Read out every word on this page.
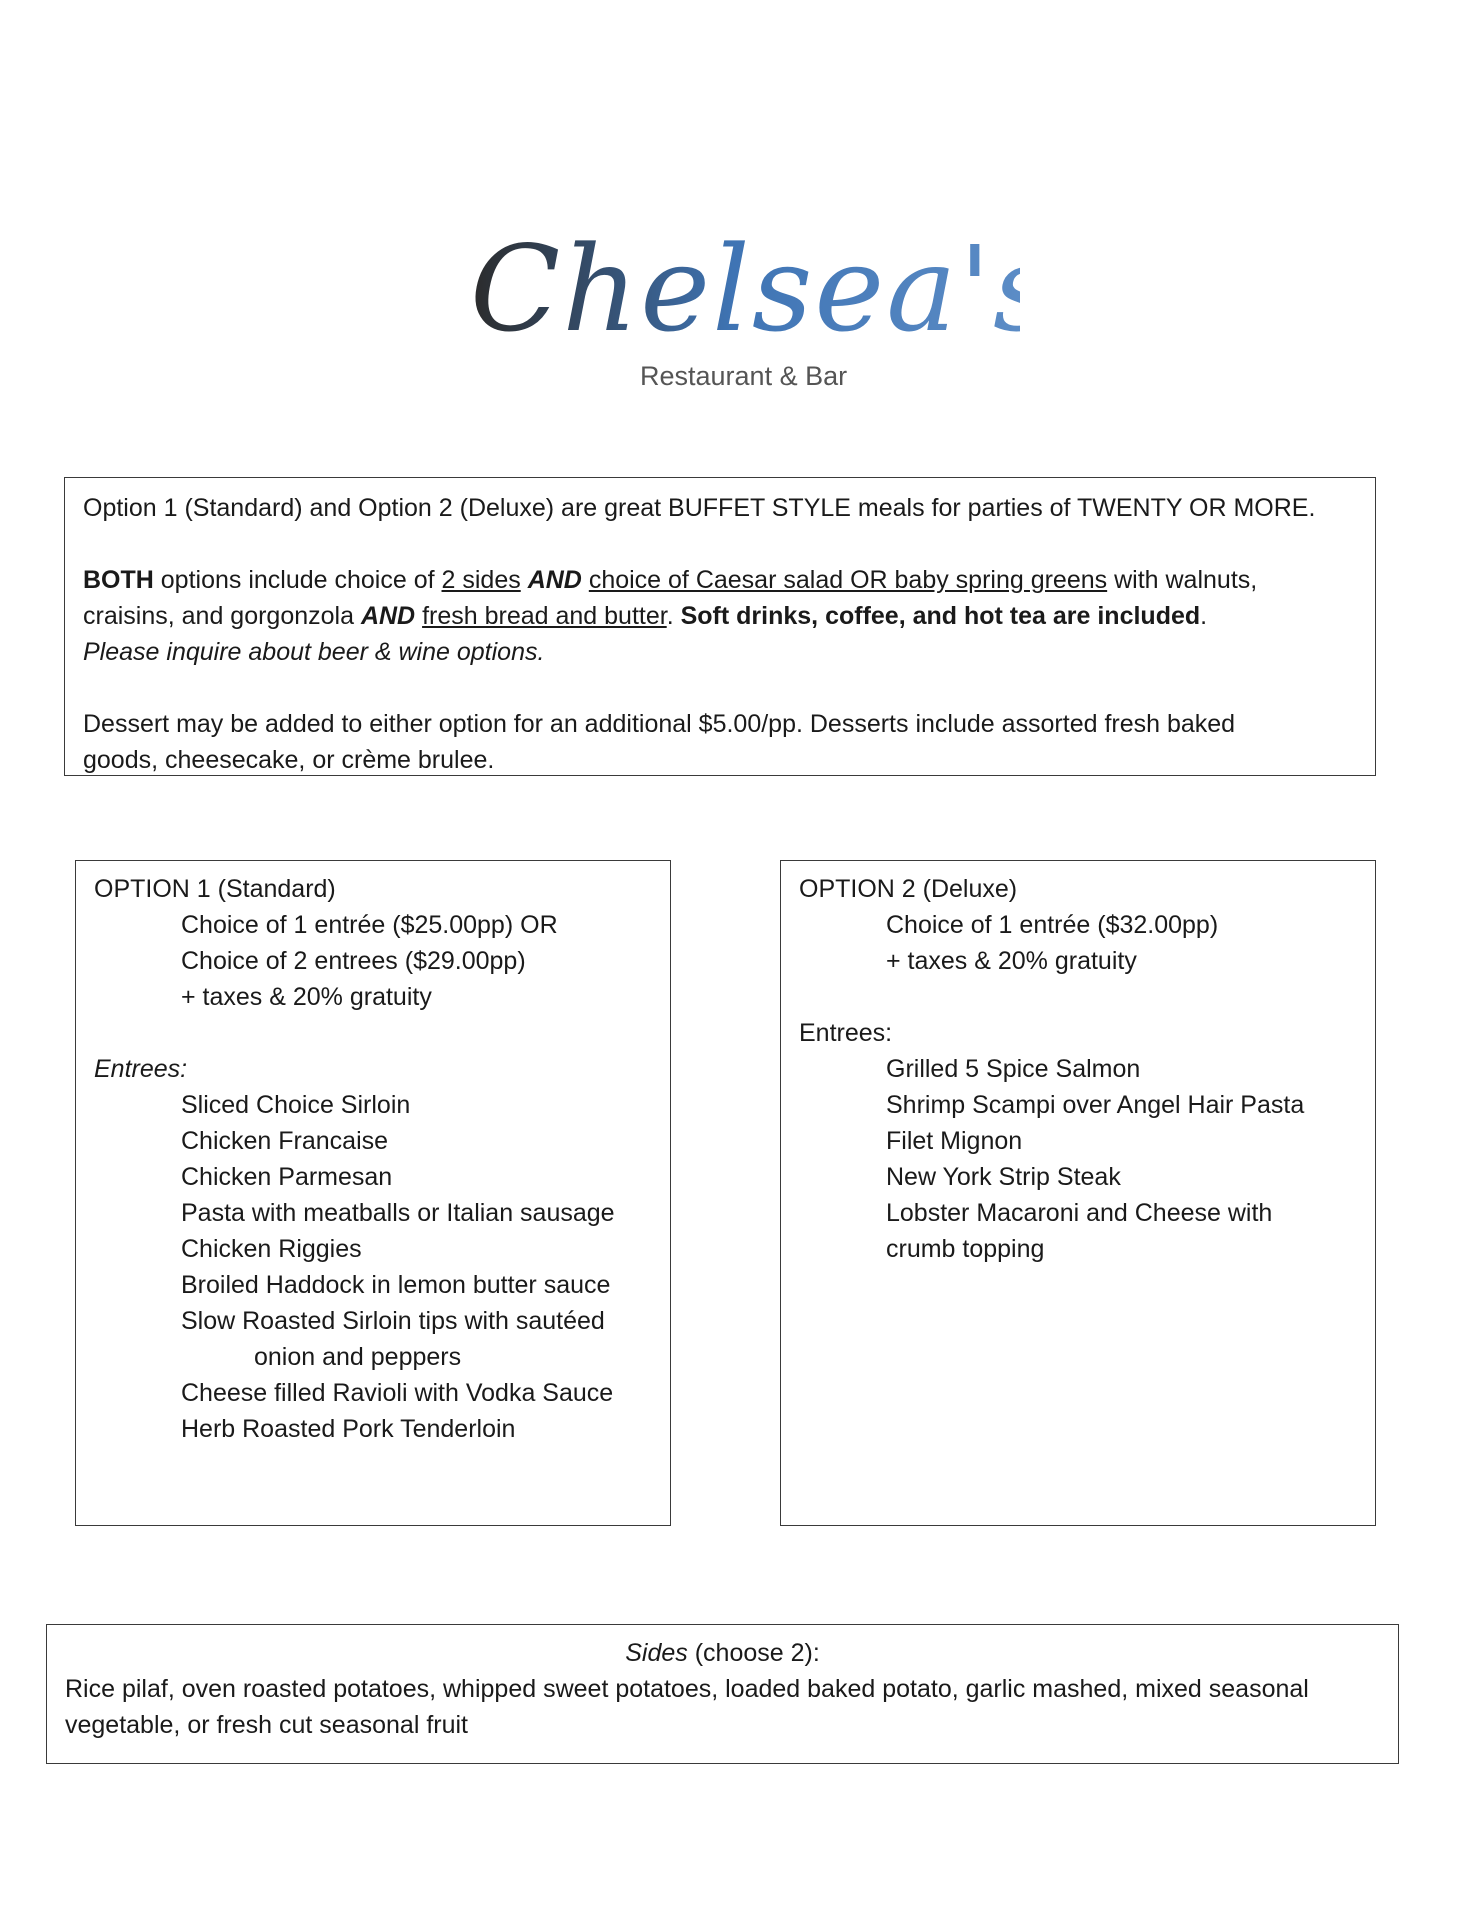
Chelsea's
Restaurant & Bar

Option 1 (Standard) and Option 2 (Deluxe) are great BUFFET STYLE meals for parties of TWENTY OR MORE.

BOTH options include choice of 2 sides AND choice of Caesar salad OR baby spring greens with walnuts,

craisins, and gorgonzola AND fresh bread and butter. Soft drinks, coffee, and hot tea are included.

Please inquire about beer & wine options.

Dessert may be added to either option for an additional $5.00/pp. Desserts include assorted fresh baked

goods, cheesecake, or crème brulee.

OPTION 1 (Standard)

Choice of 1 entrée ($25.00pp) OR

Choice of 2 entrees ($29.00pp)

+ taxes & 20% gratuity

Entrees:

Sliced Choice Sirloin

Chicken Francaise

Chicken Parmesan

Pasta with meatballs or Italian sausage

Chicken Riggies

Broiled Haddock in lemon butter sauce

Slow Roasted Sirloin tips with sautéed

onion and peppers

Cheese filled Ravioli with Vodka Sauce

Herb Roasted Pork Tenderloin

OPTION 2 (Deluxe)

Choice of 1 entrée ($32.00pp)

+ taxes & 20% gratuity

Entrees:

Grilled 5 Spice Salmon

Shrimp Scampi over Angel Hair Pasta

Filet Mignon

New York Strip Steak

Lobster Macaroni and Cheese with

crumb topping

Sides (choose 2):

Rice pilaf, oven roasted potatoes, whipped sweet potatoes, loaded baked potato, garlic mashed, mixed seasonal

vegetable, or fresh cut seasonal fruit
